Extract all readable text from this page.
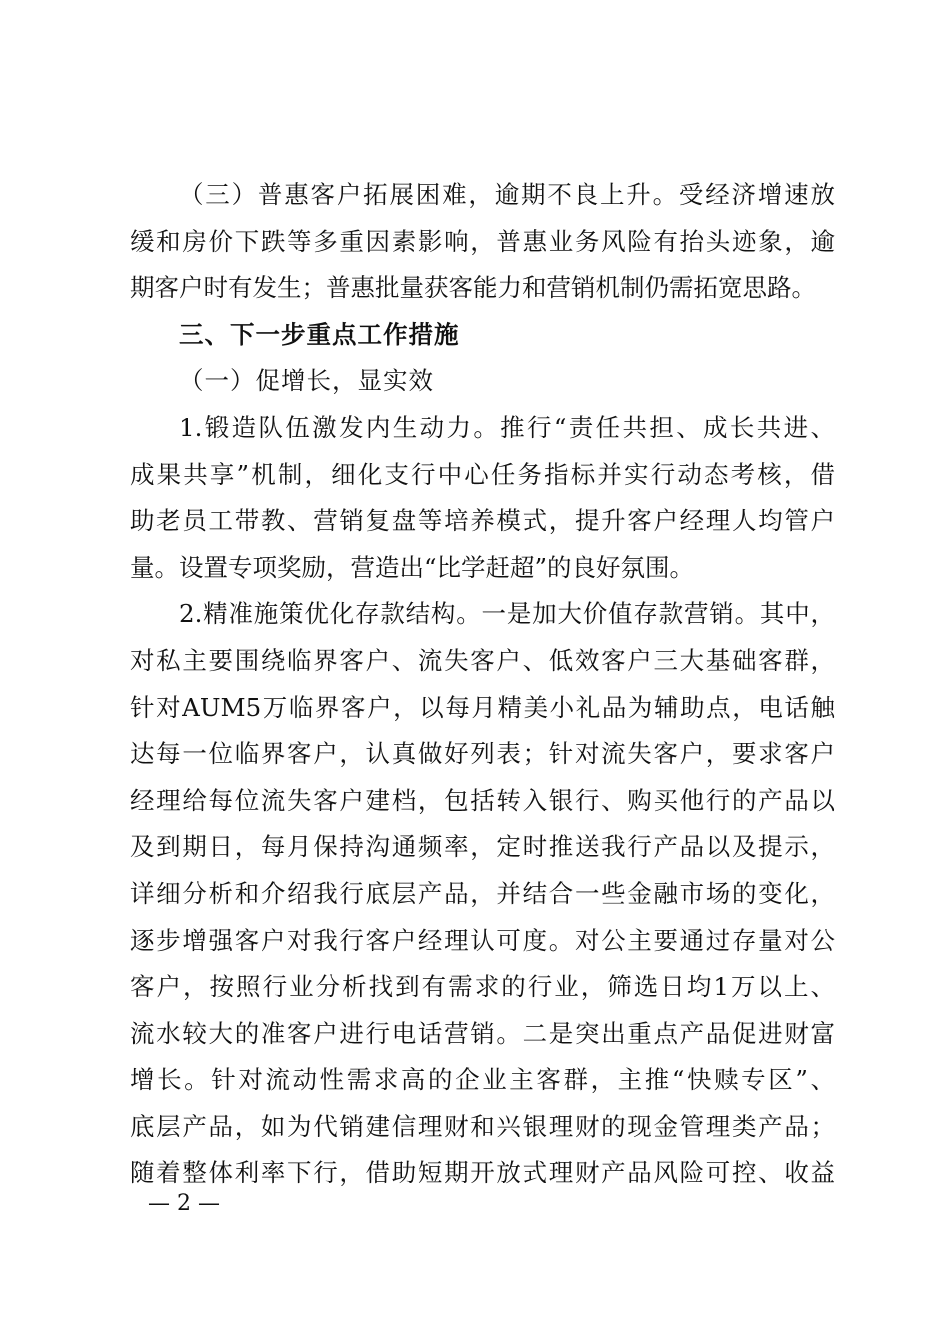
（三）普惠客户拓展困难，逾期不良上升。受经济增速放
缓和房价下跌等多重因素影响，普惠业务风险有抬头迹象，逾
期客户时有发生；普惠批量获客能力和营销机制仍需拓宽思路。
三、下一步重点工作措施
（一）促增长，显实效
1.锻造队伍激发内生动力。推行“责任共担、成长共进、
成果共享”机制，细化支行中心任务指标并实行动态考核，借
助老员工带教、营销复盘等培养模式，提升客户经理人均管户
量。设置专项奖励，营造出“比学赶超”的良好氛围。
2.精准施策优化存款结构。一是加大价值存款营销。其中，
对私主要围绕临界客户、流失客户、低效客户三大基础客群，
针对AUM5万临界客户，以每月精美小礼品为辅助点，电话触
达每一位临界客户，认真做好列表；针对流失客户，要求客户
经理给每位流失客户建档，包括转入银行、购买他行的产品以
及到期日，每月保持沟通频率，定时推送我行产品以及提示，
详细分析和介绍我行底层产品，并结合一些金融市场的变化，
逐步增强客户对我行客户经理认可度。对公主要通过存量对公
客户，按照行业分析找到有需求的行业，筛选日均1万以上、
流水较大的准客户进行电话营销。二是突出重点产品促进财富
增长。针对流动性需求高的企业主客群，主推“快赎专区”、
底层产品，如为代销建信理财和兴银理财的现金管理类产品；
随着整体利率下行，借助短期开放式理财产品风险可控、收益
— 2 —
